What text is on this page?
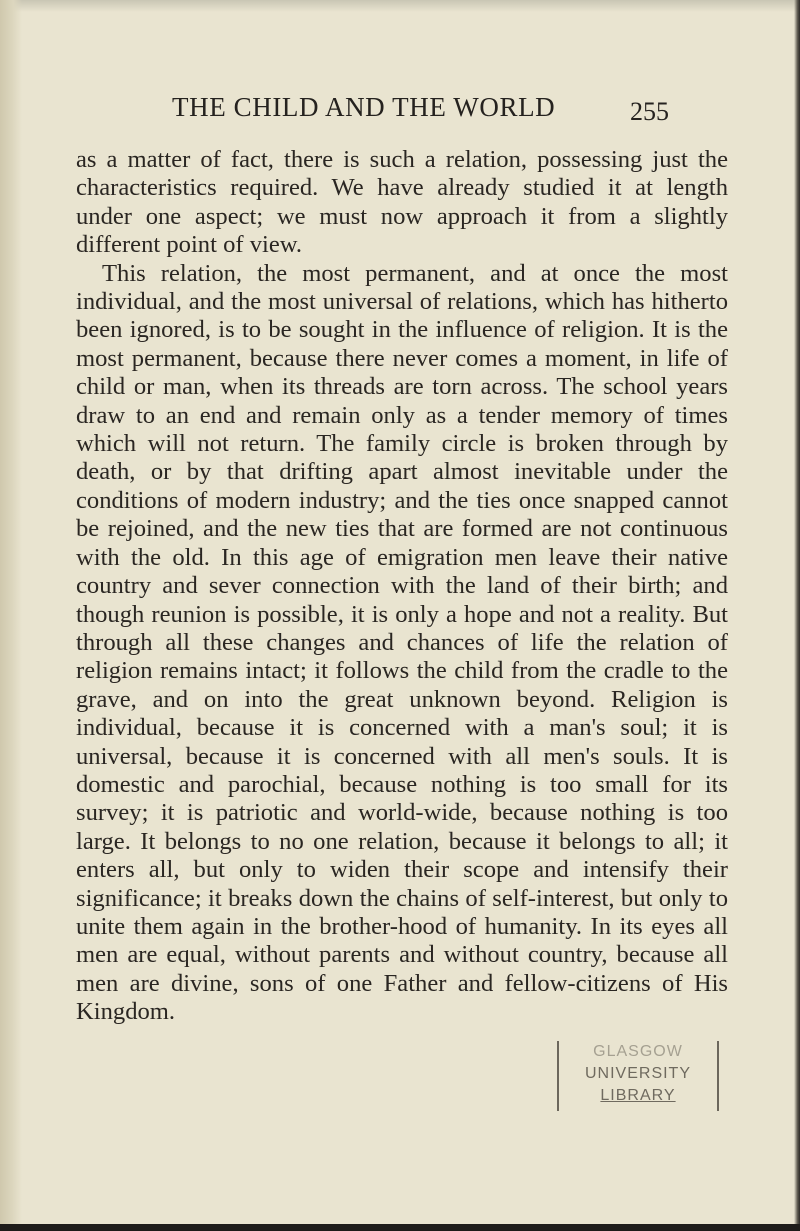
THE CHILD AND THE WORLD	255

as a matter of fact, there is such a relation, possessing just the characteristics required. We have already studied it at length under one aspect; we must now approach it from a slightly different point of view.

This relation, the most permanent, and at once the most individual, and the most universal of relations, which has hitherto been ignored, is to be sought in the influence of religion. It is the most permanent, because there never comes a moment, in life of child or man, when its threads are torn across. The school years draw to an end and remain only as a tender memory of times which will not return. The family circle is broken through by death, or by that drifting apart almost inevitable under the conditions of modern industry; and the ties once snapped cannot be rejoined, and the new ties that are formed are not continuous with the old. In this age of emigration men leave their native country and sever connection with the land of their birth; and though reunion is possible, it is only a hope and not a reality. But through all these changes and chances of life the relation of religion remains intact; it follows the child from the cradle to the grave, and on into the great unknown beyond. Religion is individual, because it is concerned with a man's soul; it is universal, because it is concerned with all men's souls. It is domestic and parochial, because nothing is too small for its survey; it is patriotic and world-wide, because nothing is too large. It belongs to no one relation, because it belongs to all; it enters all, but only to widen their scope and intensify their significance; it breaks down the chains of self-interest, but only to unite them again in the brother-hood of humanity. In its eyes all men are equal, without parents and without country, because all men are divine, sons of one Father and fellow-citizens of His Kingdom.

GLASGOW
UNIVERSITY
LIBRARY
